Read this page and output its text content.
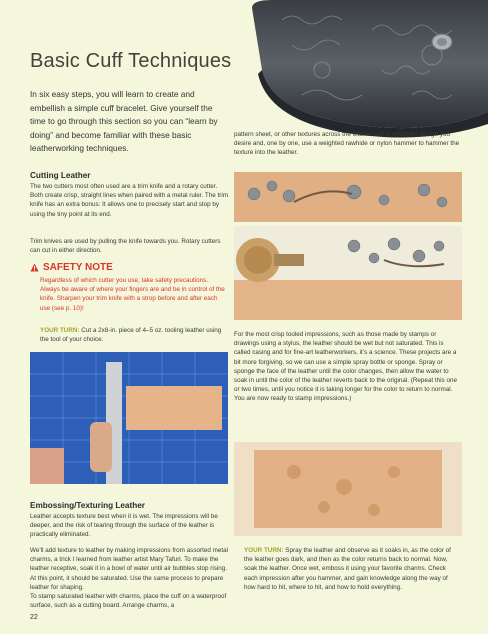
Basic Cuff Techniques

In six easy steps, you will learn to create and embellish a simple cuff bracelet. Give yourself the time to go through this section so you can “learn by doing” and become familiar with these basic leatherworking techniques.

pattern sheet, or other textures across the leather cuff in whatever design you desire and, one by one, use a weighted rawhide or nylon hammer to hammer the texture into the leather.

Cutting Leather

The two cutters most often used are a trim knife and a rotary cutter. Both create crisp, straight lines when paired with a metal ruler. The trim knife has an extra bonus: It allows one to precisely start and stop by using the tiny point at its end.

Trim knives are used by pulling the knife towards you. Rotary cutters can cut in either direction.

SAFETY NOTE

Regardless of which cutter you use, take safety precautions. Always be aware of where your fingers are and be in control of the knife. Sharpen your trim knife with a strop before and after each use (see p. 10)!

YOUR TURN: Cut a 2x8-in. piece of 4–5 oz. tooling leather using the tool of your choice.

For the most crisp tooled impressions, such as those made by stamps or drawings using a stylus, the leather should be wet but not saturated. This is called casing and for fine-art leatherworkers, it’s a science. These projects are a bit more forgiving, so we can use a simple spray bottle or sponge. Spray or sponge the face of the leather until the color changes, then allow the water to soak in until the color of the leather reverts back to the original. (Repeat this one or two times, until you notice it is taking longer for the color to return to normal. You are now ready to stamp impressions.)

Embossing/Texturing Leather

Leather accepts texture best when it is wet. The impressions will be deeper, and the risk of tearing through the surface of the leather is practically eliminated.

We’ll add texture to leather by making impressions from assorted metal charms, a trick I learned from leather artist Mary Tafuri. To make the leather receptive, soak it in a bowl of water until air bubbles stop rising. At this point, it should be saturated. Use the same process to prepare leather for shaping.

To stamp saturated leather with charms, place the cuff on a waterproof surface, such as a cutting board. Arrange charms, a

YOUR TURN: Spray the leather and observe as it soaks in, as the color of the leather goes dark, and then as the color returns back to normal. Now, soak the leather. Once wet, emboss it using your favorite charms. Check each impression after you hammer, and gain knowledge along the way of how hard to hit, where to hit, and how to hold everything.

22
